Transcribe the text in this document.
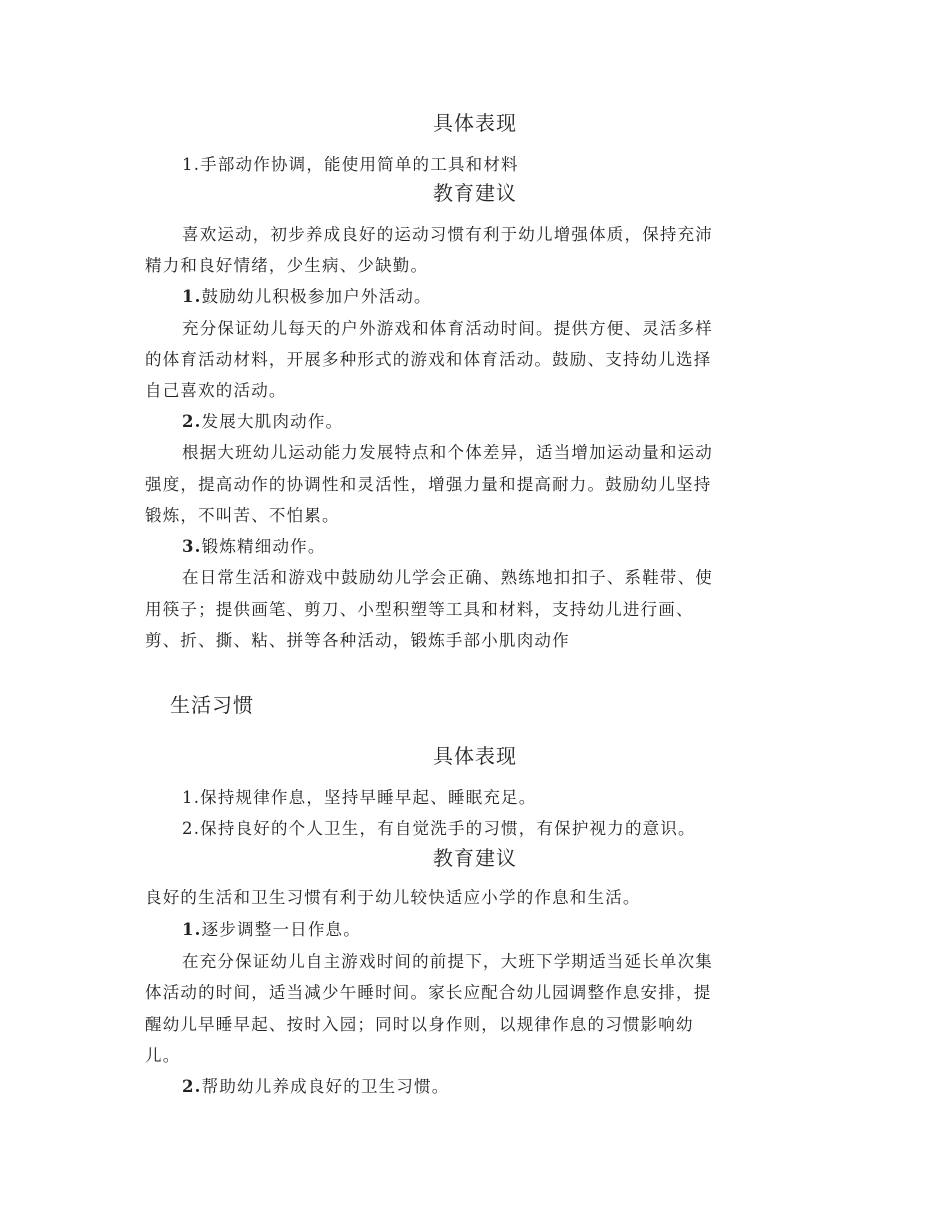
具体表现
1.手部动作协调，能使用简单的工具和材料
教育建议
喜欢运动，初步养成良好的运动习惯有利于幼儿增强体质，保持充沛
精力和良好情绪，少生病、少缺勤。
1.鼓励幼儿积极参加户外活动。
充分保证幼儿每天的户外游戏和体育活动时间。提供方便、灵活多样
的体育活动材料，开展多种形式的游戏和体育活动。鼓励、支持幼儿选择
自己喜欢的活动。
2.发展大肌肉动作。
根据大班幼儿运动能力发展特点和个体差异，适当增加运动量和运动
强度，提高动作的协调性和灵活性，增强力量和提高耐力。鼓励幼儿坚持
锻炼，不叫苦、不怕累。
3.锻炼精细动作。
在日常生活和游戏中鼓励幼儿学会正确、熟练地扣扣子、系鞋带、使
用筷子；提供画笔、剪刀、小型积塑等工具和材料，支持幼儿进行画、
剪、折、撕、粘、拼等各种活动，锻炼手部小肌肉动作
生活习惯
具体表现
1.保持规律作息，坚持早睡早起、睡眠充足。
2.保持良好的个人卫生，有自觉洗手的习惯，有保护视力的意识。
教育建议
良好的生活和卫生习惯有利于幼儿较快适应小学的作息和生活。
1.逐步调整一日作息。
在充分保证幼儿自主游戏时间的前提下，大班下学期适当延长单次集
体活动的时间，适当减少午睡时间。家长应配合幼儿园调整作息安排，提
醒幼儿早睡早起、按时入园；同时以身作则，以规律作息的习惯影响幼
儿。
2.帮助幼儿养成良好的卫生习惯。
